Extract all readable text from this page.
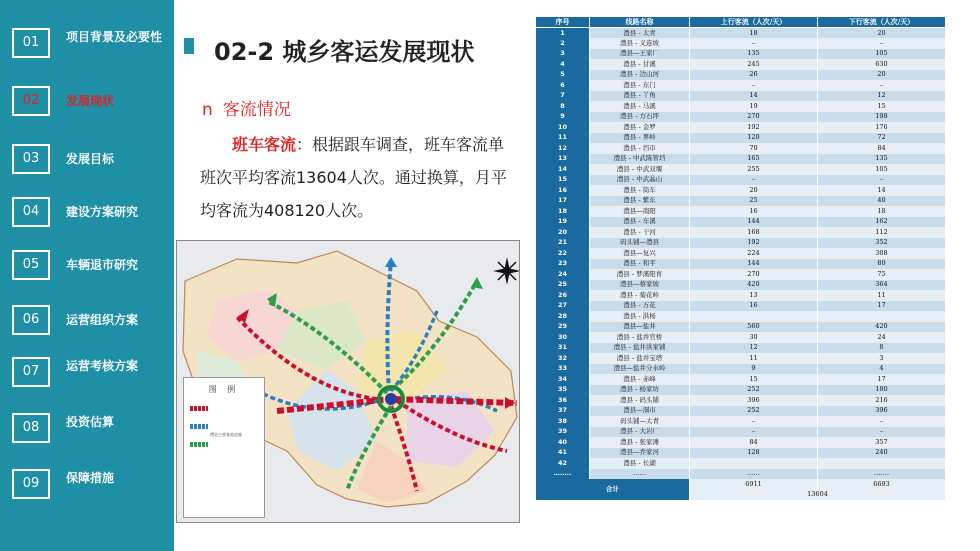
01	项目背景及必要性
02	发展现状
03	发展目标
04	建设方案研究
05	车辆退市研究
06	运营组织方案
07	运营考核方案
08	投资估算
09	保障措施
02-2 城乡客运发展现状
n 客流情况
班车客流：根据跟车调查，班车客流单班次平均客流13604人次。通过换算，月平均客流为408120人次。
图 例
澧县主要客流走廊
序号	线路名称	上行客流（人次/天）	下行客流（人次/天）
1	澧县 - 太青	18	20
2	澧县 - 义连坡	–	–
3	澧县—王家厂	135	105
4	澧县 - 甘溪	245	630
5	澧县 - 边山河	26	20
6	澧县 - 东门	–	–
7	澧县 - 丫角	14	12
8	澧县 - 马溪	19	15
9	澧县 - 方石坪	270	198
10	澧县 - 金罗	192	176
11	澧县 - 界岭	120	72
12	澧县 - 垱市	70	84
13	澧县 - 中武陈管垱	165	135
14	澧县 - 中武双堰	255	105
15	澧县 - 中武晶山	–	–
16	澧县 - 筒车	20	14
17	澧县 - 紫东	25	40
18	澧县—南阳	16	18
19	澧县 - 车溪	144	162
20	澧县 - 干河	168	112
21	码头铺—澧县	192	352
22	澧县—复兴	224	308
23	澧县 - 和平	144	80
24	澧县 - 梦溪阳育	270	75
25	澧县—蔡家坡	420	364
26	澧县 - 菊花岭	13	11
27	澧县 - 万花	16	17
28	澧县 - 洪杨		
29	澧县—盐井	560	420
30	澧县 - 盐井官桥	30	24
31	澧县 - 盐井洪家铺	12	8
32	澧县 - 盐井宝塔	11	3
33	澧县—盐井分水岭	9	4
34	澧县 - 赤峰	15	17
35	澧县 - 杨家坊	252	180
36	澧县 - 码头铺	396	216
37	澧县—洞市	252	396
38	码头铺—太青	–	–
39	澧县 - 大岩厂	–	–
40	澧县 - 张家滩	84	357
41	澧县—乔家河	128	240
42	澧县 - 长湖		
……..	……	……	…….
合计		6911	6693
		13604	
